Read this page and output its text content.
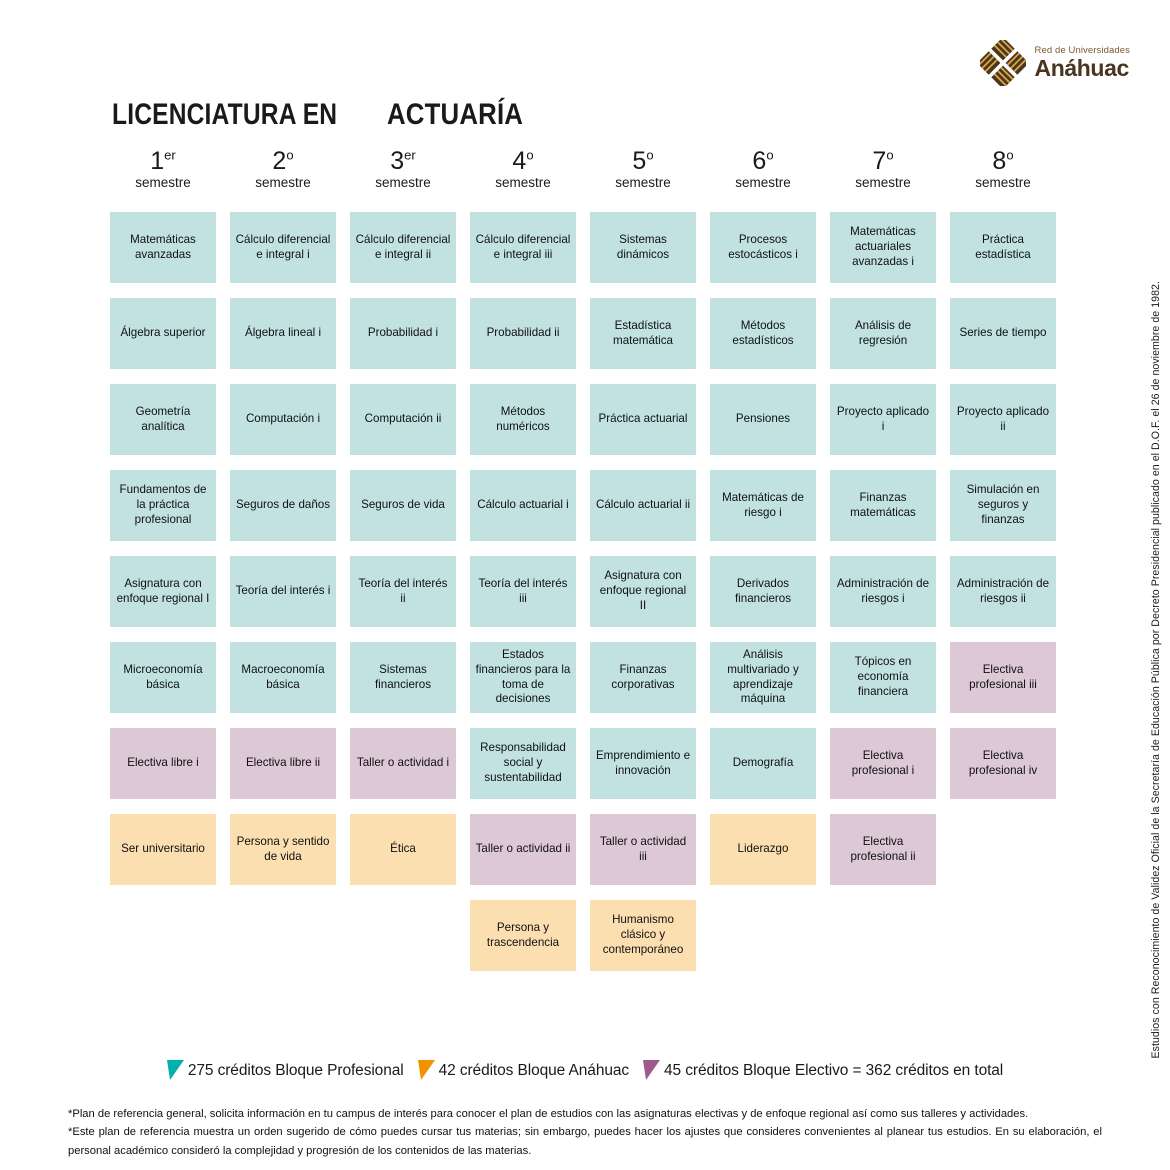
Red de Universidades
Anáhuac
LICENCIATURA ENACTUARÍA
1er
semestre
Matemáticas avanzadas
Álgebra superior
Geometría analítica
Fundamentos de la práctica profesional
Asignatura con enfoque regional I
Microeconomía básica
Electiva libre i
Ser universitario
2$^o$
semestre
Cálculo diferencial e integral i
Álgebra lineal i
Computación i
Seguros de daños
Teoría del interés i
Macroeconomía básica
Electiva libre ii
Persona y sentido de vida
3er
semestre
Cálculo diferencial e integral ii
Probabilidad i
Computación ii
Seguros de vida
Teoría del interés ii
Sistemas financieros
Taller o actividad i
Ética
4$^o$
semestre
Cálculo diferencial e integral iii
Probabilidad ii
Métodos numéricos
Cálculo actuarial i
Teoría del interés iii
Estados financieros para la toma de decisiones
Responsabilidad social y sustentabilidad
Taller o actividad ii
Persona y trascendencia
5$^o$
semestre
Sistemas dinámicos
Estadística matemática
Práctica actuarial
Cálculo actuarial ii
Asignatura con enfoque regional II
Finanzas corporativas
Emprendimiento e innovación
Taller o actividad iii
Humanismo clásico y contemporáneo
6$^o$
semestre
Procesos estocásticos i
Métodos estadísticos
Pensiones
Matemáticas de riesgo i
Derivados financieros
Análisis multivariado y aprendizaje máquina
Demografía
Liderazgo
7$^o$
semestre
Matemáticas actuariales avanzadas i
Análisis de regresión
Proyecto aplicado i
Finanzas matemáticas
Administración de riesgos i
Tópicos en economía financiera
Electiva profesional i
Electiva profesional ii
8$^o$
semestre
Práctica estadística
Series de tiempo
Proyecto aplicado ii
Simulación en seguros y finanzas
Administración de riesgos ii
Electiva profesional iii
Electiva profesional iv
275 créditos Bloque Profesional 42 créditos Bloque Anáhuac 45 créditos Bloque Electivo = 362 créditos en total

*Plan de referencia general, solicita información en tu campus de interés para conocer el plan de estudios con las asignaturas electivas y de enfoque regional así como sus talleres y actividades.

*Este plan de referencia muestra un orden sugerido de cómo puedes cursar tus materias; sin embargo, puedes hacer los ajustes que consideres convenientes al planear tus estudios. En su elaboración, el personal académico consideró la complejidad y progresión de los contenidos de las materias.

Estudios con Reconocimiento de Validez Oficial de la Secretaría de Educación Pública por Decreto Presidencial publicado en el D.O.F. el 26 de noviembre de 1982.
